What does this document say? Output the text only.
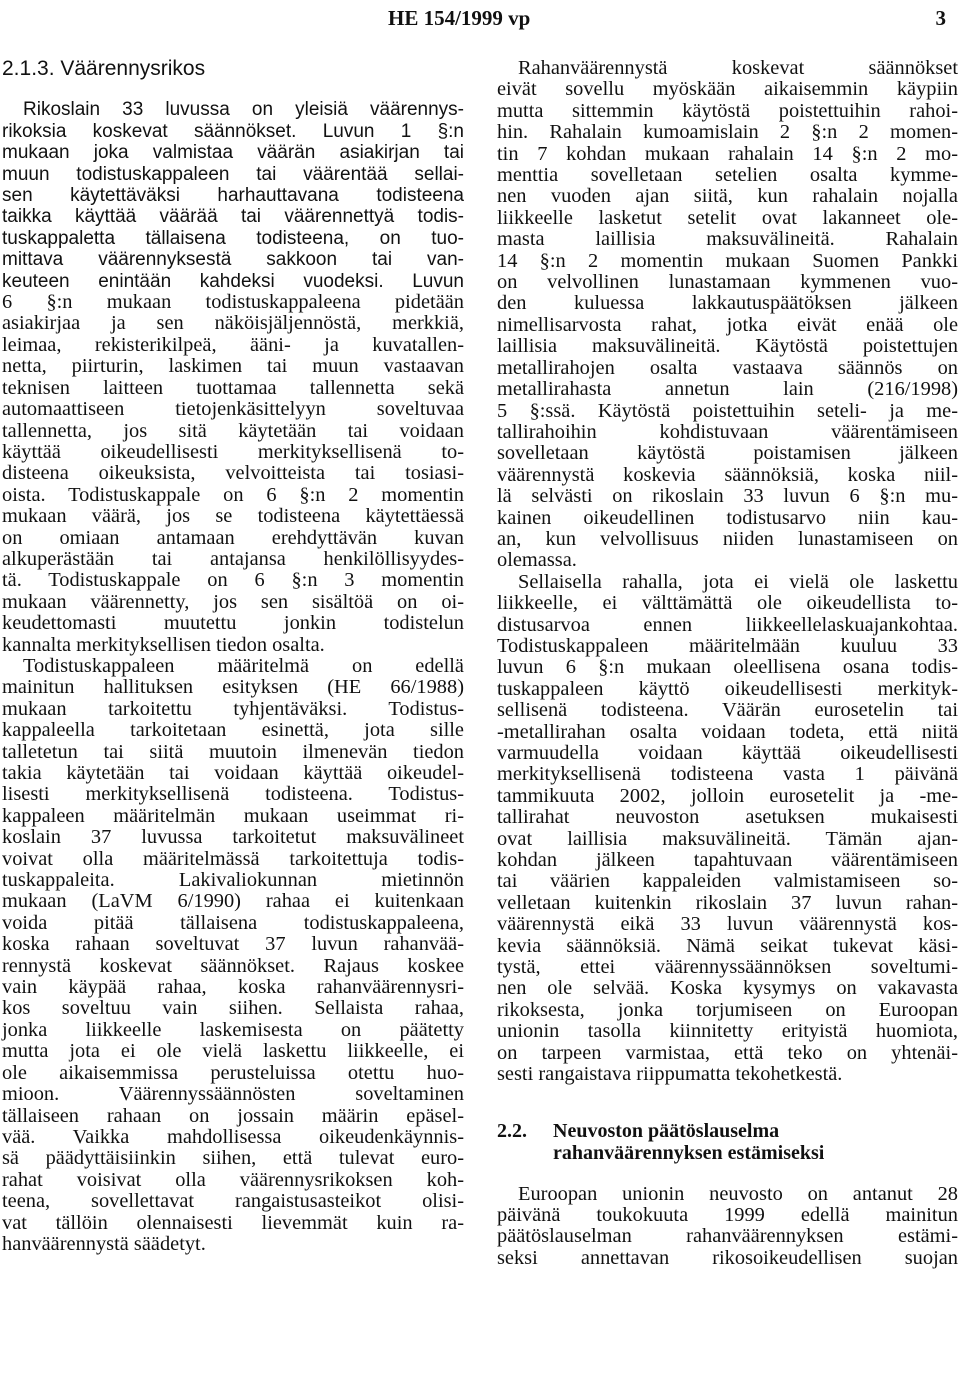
HE 154/1999 vp	3
2.1.3. Väärennysrikos
Rikoslain 33 luvussa on yleisiä väärennys-
rikoksia koskevat säännökset. Luvun 1 §:n
mukaan joka valmistaa väärän asiakirjan tai
muun todistuskappaleen tai väärentää sellai-
sen käytettäväksi harhauttavana todisteena
taikka käyttää väärää tai väärennettyä todis-
tuskappaletta tällaisena todisteena, on tuo-
mittava väärennyksestä sakkoon tai van-
keuteen enintään kahdeksi vuodeksi. Luvun
6 §:n mukaan todistuskappaleena pidetään
asiakirjaa ja sen näköisjäljennöstä, merkkiä,
leimaa, rekisterikilpeä, ääni- ja kuvatallen-
netta, piirturin, laskimen tai muun vastaavan
teknisen laitteen tuottamaa tallennetta sekä
automaattiseen tietojenkäsittelyyn soveltuvaa
tallennetta, jos sitä käytetään tai voidaan
käyttää oikeudellisesti merkityksellisenä to-
disteena oikeuksista, velvoitteista tai tosiasi-
oista. Todistuskappale on 6 §:n 2 momentin
mukaan väärä, jos se todisteena käytettäessä
on omiaan antamaan erehdyttävän kuvan
alkuperästään tai antajansa henkilöllisyydes-
tä. Todistuskappale on 6 §:n 3 momentin
mukaan väärennetty, jos sen sisältöä on oi-
keudettomasti muutettu jonkin todistelun
kannalta merkityksellisen tiedon osalta.
Todistuskappaleen määritelmä on edellä
mainitun hallituksen esityksen (HE 66/1988)
mukaan tarkoitettu tyhjentäväksi. Todistus-
kappaleella tarkoitetaan esinettä, jota sille
talletetun tai siitä muutoin ilmenevän tiedon
takia käytetään tai voidaan käyttää oikeudel-
lisesti merkityksellisenä todisteena. Todistus-
kappaleen määritelmän mukaan useimmat ri-
koslain 37 luvussa tarkoitetut maksuvälineet
voivat olla määritelmässä tarkoitettuja todis-
tuskappaleita. Lakivaliokunnan mietinnön
mukaan (LaVM 6/1990) rahaa ei kuitenkaan
voida pitää tällaisena todistuskappaleena,
koska rahaan soveltuvat 37 luvun rahanvää-
rennystä koskevat säännökset. Rajaus koskee
vain käypää rahaa, koska rahanväärennysri-
kos soveltuu vain siihen. Sellaista rahaa,
jonka liikkeelle laskemisesta on päätetty
mutta jota ei ole vielä laskettu liikkeelle, ei
ole aikaisemmissa perusteluissa otettu huo-
mioon. Väärennyssäännösten soveltaminen
tällaiseen rahaan on jossain määrin epäsel-
vää. Vaikka mahdollisessa oikeudenkäynnis-
sä päädyttäisiinkin siihen, että tulevat euro-
rahat voisivat olla väärennysrikoksen koh-
teena, sovellettavat rangaistusasteikot olisi-
vat tällöin olennaisesti lievemmät kuin ra-
hanväärennystä säädetyt.
Rahanväärennystä koskevat säännökset
eivät sovellu myöskään aikaisemmin käypiin
mutta sittemmin käytöstä poistettuihin rahoi-
hin. Rahalain kumoamislain 2 §:n 2 momen-
tin 7 kohdan mukaan rahalain 14 §:n 2 mo-
menttia sovelletaan setelien osalta kymme-
nen vuoden ajan siitä, kun rahalain nojalla
liikkeelle lasketut setelit ovat lakanneet ole-
masta laillisia maksuvälineitä. Rahalain
14 §:n 2 momentin mukaan Suomen Pankki
on velvollinen lunastamaan kymmenen vuo-
den kuluessa lakkautuspäätöksen jälkeen
nimellisarvosta rahat, jotka eivät enää ole
laillisia maksuvälineitä. Käytöstä poistettujen
metallirahojen osalta vastaava säännös on
metallirahasta annetun lain (216/1998)
5 §:ssä. Käytöstä poistettuihin seteli- ja me-
tallirahoihin kohdistuvaan väärentämiseen
sovelletaan käytöstä poistamisen jälkeen
väärennystä koskevia säännöksiä, koska niil-
lä selvästi on rikoslain 33 luvun 6 §:n mu-
kainen oikeudellinen todistusarvo niin kau-
an, kun velvollisuus niiden lunastamiseen on
olemassa.
Sellaisella rahalla, jota ei vielä ole laskettu
liikkeelle, ei välttämättä ole oikeudellista to-
distusarvoa ennen liikkeellelaskuajankohtaa.
Todistuskappaleen määritelmään kuuluu 33
luvun 6 §:n mukaan oleellisena osana todis-
tuskappaleen käyttö oikeudellisesti merkityk-
sellisenä todisteena. Väärän eurosetelin tai
-metallirahan osalta voidaan todeta, että niitä
varmuudella voidaan käyttää oikeudellisesti
merkityksellisenä todisteena vasta 1 päivänä
tammikuuta 2002, jolloin eurosetelit ja -me-
tallirahat neuvoston asetuksen mukaisesti
ovat laillisia maksuvälineitä. Tämän ajan-
kohdan jälkeen tapahtuvaan väärentämiseen
tai väärien kappaleiden valmistamiseen so-
velletaan kuitenkin rikoslain 37 luvun rahan-
väärennystä eikä 33 luvun väärennystä kos-
kevia säännöksiä. Nämä seikat tukevat käsi-
tystä, ettei väärennyssäännöksen soveltumi-
nen ole selvää. Koska kysymys on vakavasta
rikoksesta, jonka torjumiseen on Euroopan
unionin tasolla kiinnitetty erityistä huomiota,
on tarpeen varmistaa, että teko on yhtenäi-
sesti rangaistava riippumatta tekohetkestä.
2.2.	Neuvoston päätöslauselma
rahanväärennyksen estämiseksi
Euroopan unionin neuvosto on antanut 28
päivänä toukokuuta 1999 edellä mainitun
päätöslauselman rahanväärennyksen estämi-
seksi annettavan rikosoikeudellisen suojan
